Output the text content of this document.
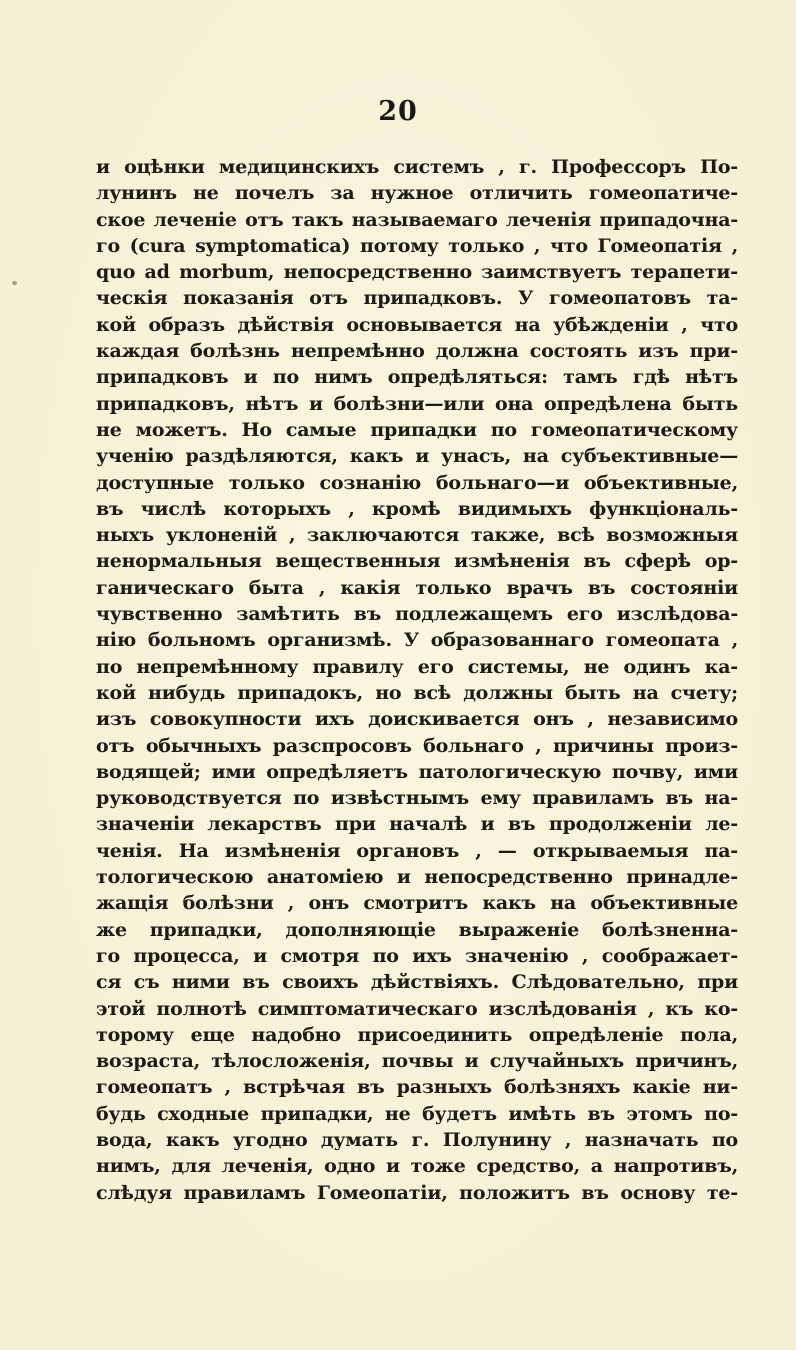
20
и оцѣнки медицинскихъ системъ , г. Профессоръ По-
лунинъ не почелъ за нужное отличить гомеопатиче-
ское леченіе отъ такъ называемаго леченія припадочна-
го (cura symptomatica) потому только , что Гомеопатія ,
quo ad morbum, непосредственно заимствуетъ терапети-
ческія показанія отъ припадковъ. У гомеопатовъ та-
кой образъ дѣйствія основывается на убѣжденіи , что
каждая болѣзнь непремѣнно должна состоять изъ при-
припадковъ и по нимъ опредѣляться: тамъ гдѣ нѣтъ
припадковъ, нѣтъ и болѣзни—или она опредѣлена быть
не можетъ. Но самые припадки по гомеопатическому
ученію раздѣляются, какъ и унасъ, на субъективные—
доступные только сознанію больнаго—и объективные,
въ числѣ которыхъ , кромѣ видимыхъ функціональ-
ныхъ уклоненій , заключаются также, всѣ возможныя
ненормальныя вещественныя измѣненія въ сферѣ ор-
ганическаго быта , какія только врачъ въ состояніи
чувственно замѣтить въ подлежащемъ его изслѣдова-
нію больномъ организмѣ. У образованнаго гомеопата ,
по непремѣнному правилу его системы, не одинъ ка-
кой нибудь припадокъ, но всѣ должны быть на счету;
изъ совокупности ихъ доискивается онъ , независимо
отъ обычныхъ разспросовъ больнаго , причины произ-
водящей; ими опредѣляетъ патологическую почву, ими
руководствуется по извѣстнымъ ему правиламъ въ на-
значеніи лекарствъ при началѣ и въ продолженіи ле-
ченія. На измѣненія органовъ , — открываемыя па-
тологическою анатоміею и непосредственно принадле-
жащія болѣзни , онъ смотритъ какъ на объективные
же припадки, дополняющіе выраженіе болѣзненна-
го процесса, и смотря по ихъ значенію , соображает-
ся съ ними въ своихъ дѣйствіяхъ. Слѣдовательно, при
этой полнотѣ симптоматическаго изслѣдованія , къ ко-
торому еще надобно присоединить опредѣленіе пола,
возраста, тѣлосложенія, почвы и случайныхъ причинъ,
гомеопатъ , встрѣчая въ разныхъ болѣзняхъ какіе ни-
будь сходные припадки, не будетъ имѣть въ этомъ по-
вода, какъ угодно думать г. Полунину , назначать по
нимъ, для леченія, одно и тоже средство, а напротивъ,
слѣдуя правиламъ Гомеопатіи, положитъ въ основу те-
